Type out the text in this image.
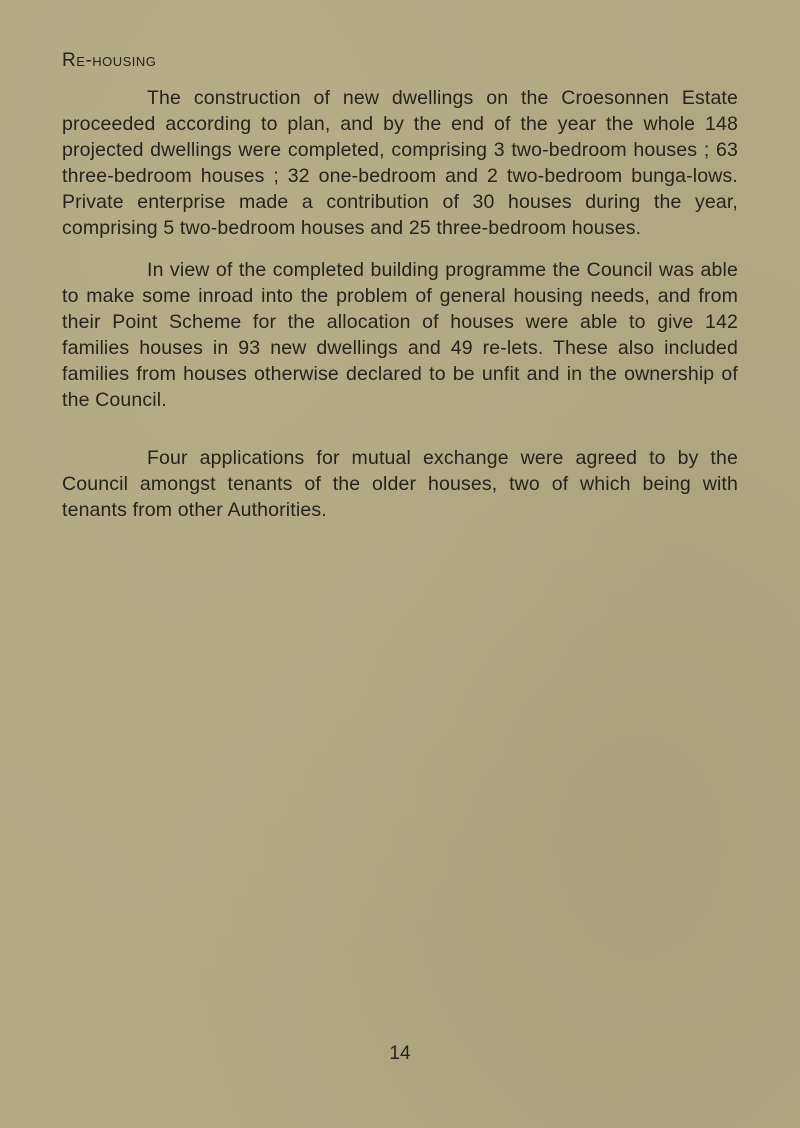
Re-housing

The construction of new dwellings on the Croesonnen Estate proceeded according to plan, and by the end of the year the whole 148 projected dwellings were completed, comprising 3 two-bedroom houses ; 63 three-bedroom houses ; 32 one-bedroom and 2 two-bedroom bunga-lows. Private enterprise made a contribution of 30 houses during the year, comprising 5 two-bedroom houses and 25 three-bedroom houses.

In view of the completed building programme the Council was able to make some inroad into the problem of general housing needs, and from their Point Scheme for the allocation of houses were able to give 142 families houses in 93 new dwellings and 49 re-lets. These also included families from houses otherwise declared to be unfit and in the ownership of the Council.

Four applications for mutual exchange were agreed to by the Council amongst tenants of the older houses, two of which being with tenants from other Authorities.

14
